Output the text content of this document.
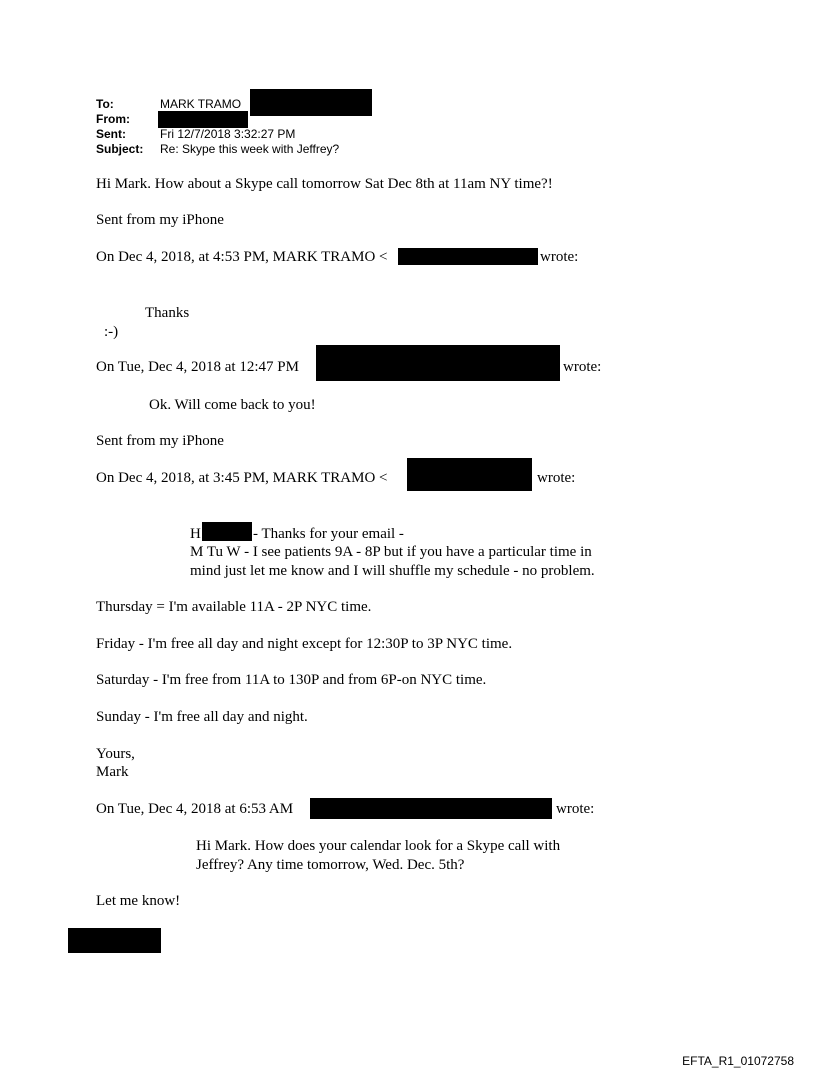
To:	MARK TRAMO
From:
Sent:	Fri 12/7/2018 3:32:27 PM
Subject: Re: Skype this week with Jeffrey?
Hi Mark. How about a Skype call tomorrow Sat Dec 8th at 11am NY time?!
Sent from my iPhone
On Dec 4, 2018, at 4:53 PM, MARK TRAMO <	wrote:
Thanks
:-)
On Tue, Dec 4, 2018 at 12:47 PM	wrote:
Ok. Will come back to you!
Sent from my iPhone
On Dec 4, 2018, at 3:45 PM, MARK TRAMO <	wrote:
H	- Thanks for your email -
M Tu W - I see patients 9A - 8P but if you have a particular time in
mind just let me know and I will shuffle my schedule - no problem.
Thursday = I'm available 11A - 2P NYC time.
Friday - I'm free all day and night except for 12:30P to 3P NYC time.
Saturday - I'm free from 11A to 130P and from 6P-on NYC time.
Sunday - I'm free all day and night.
Yours,
Mark
On Tue, Dec 4, 2018 at 6:53 AM	wrote:
Hi Mark. How does your calendar look for a Skype call with
Jeffrey? Any time tomorrow, Wed. Dec. 5th?
Let me know!
EFTA_R1_01072758
